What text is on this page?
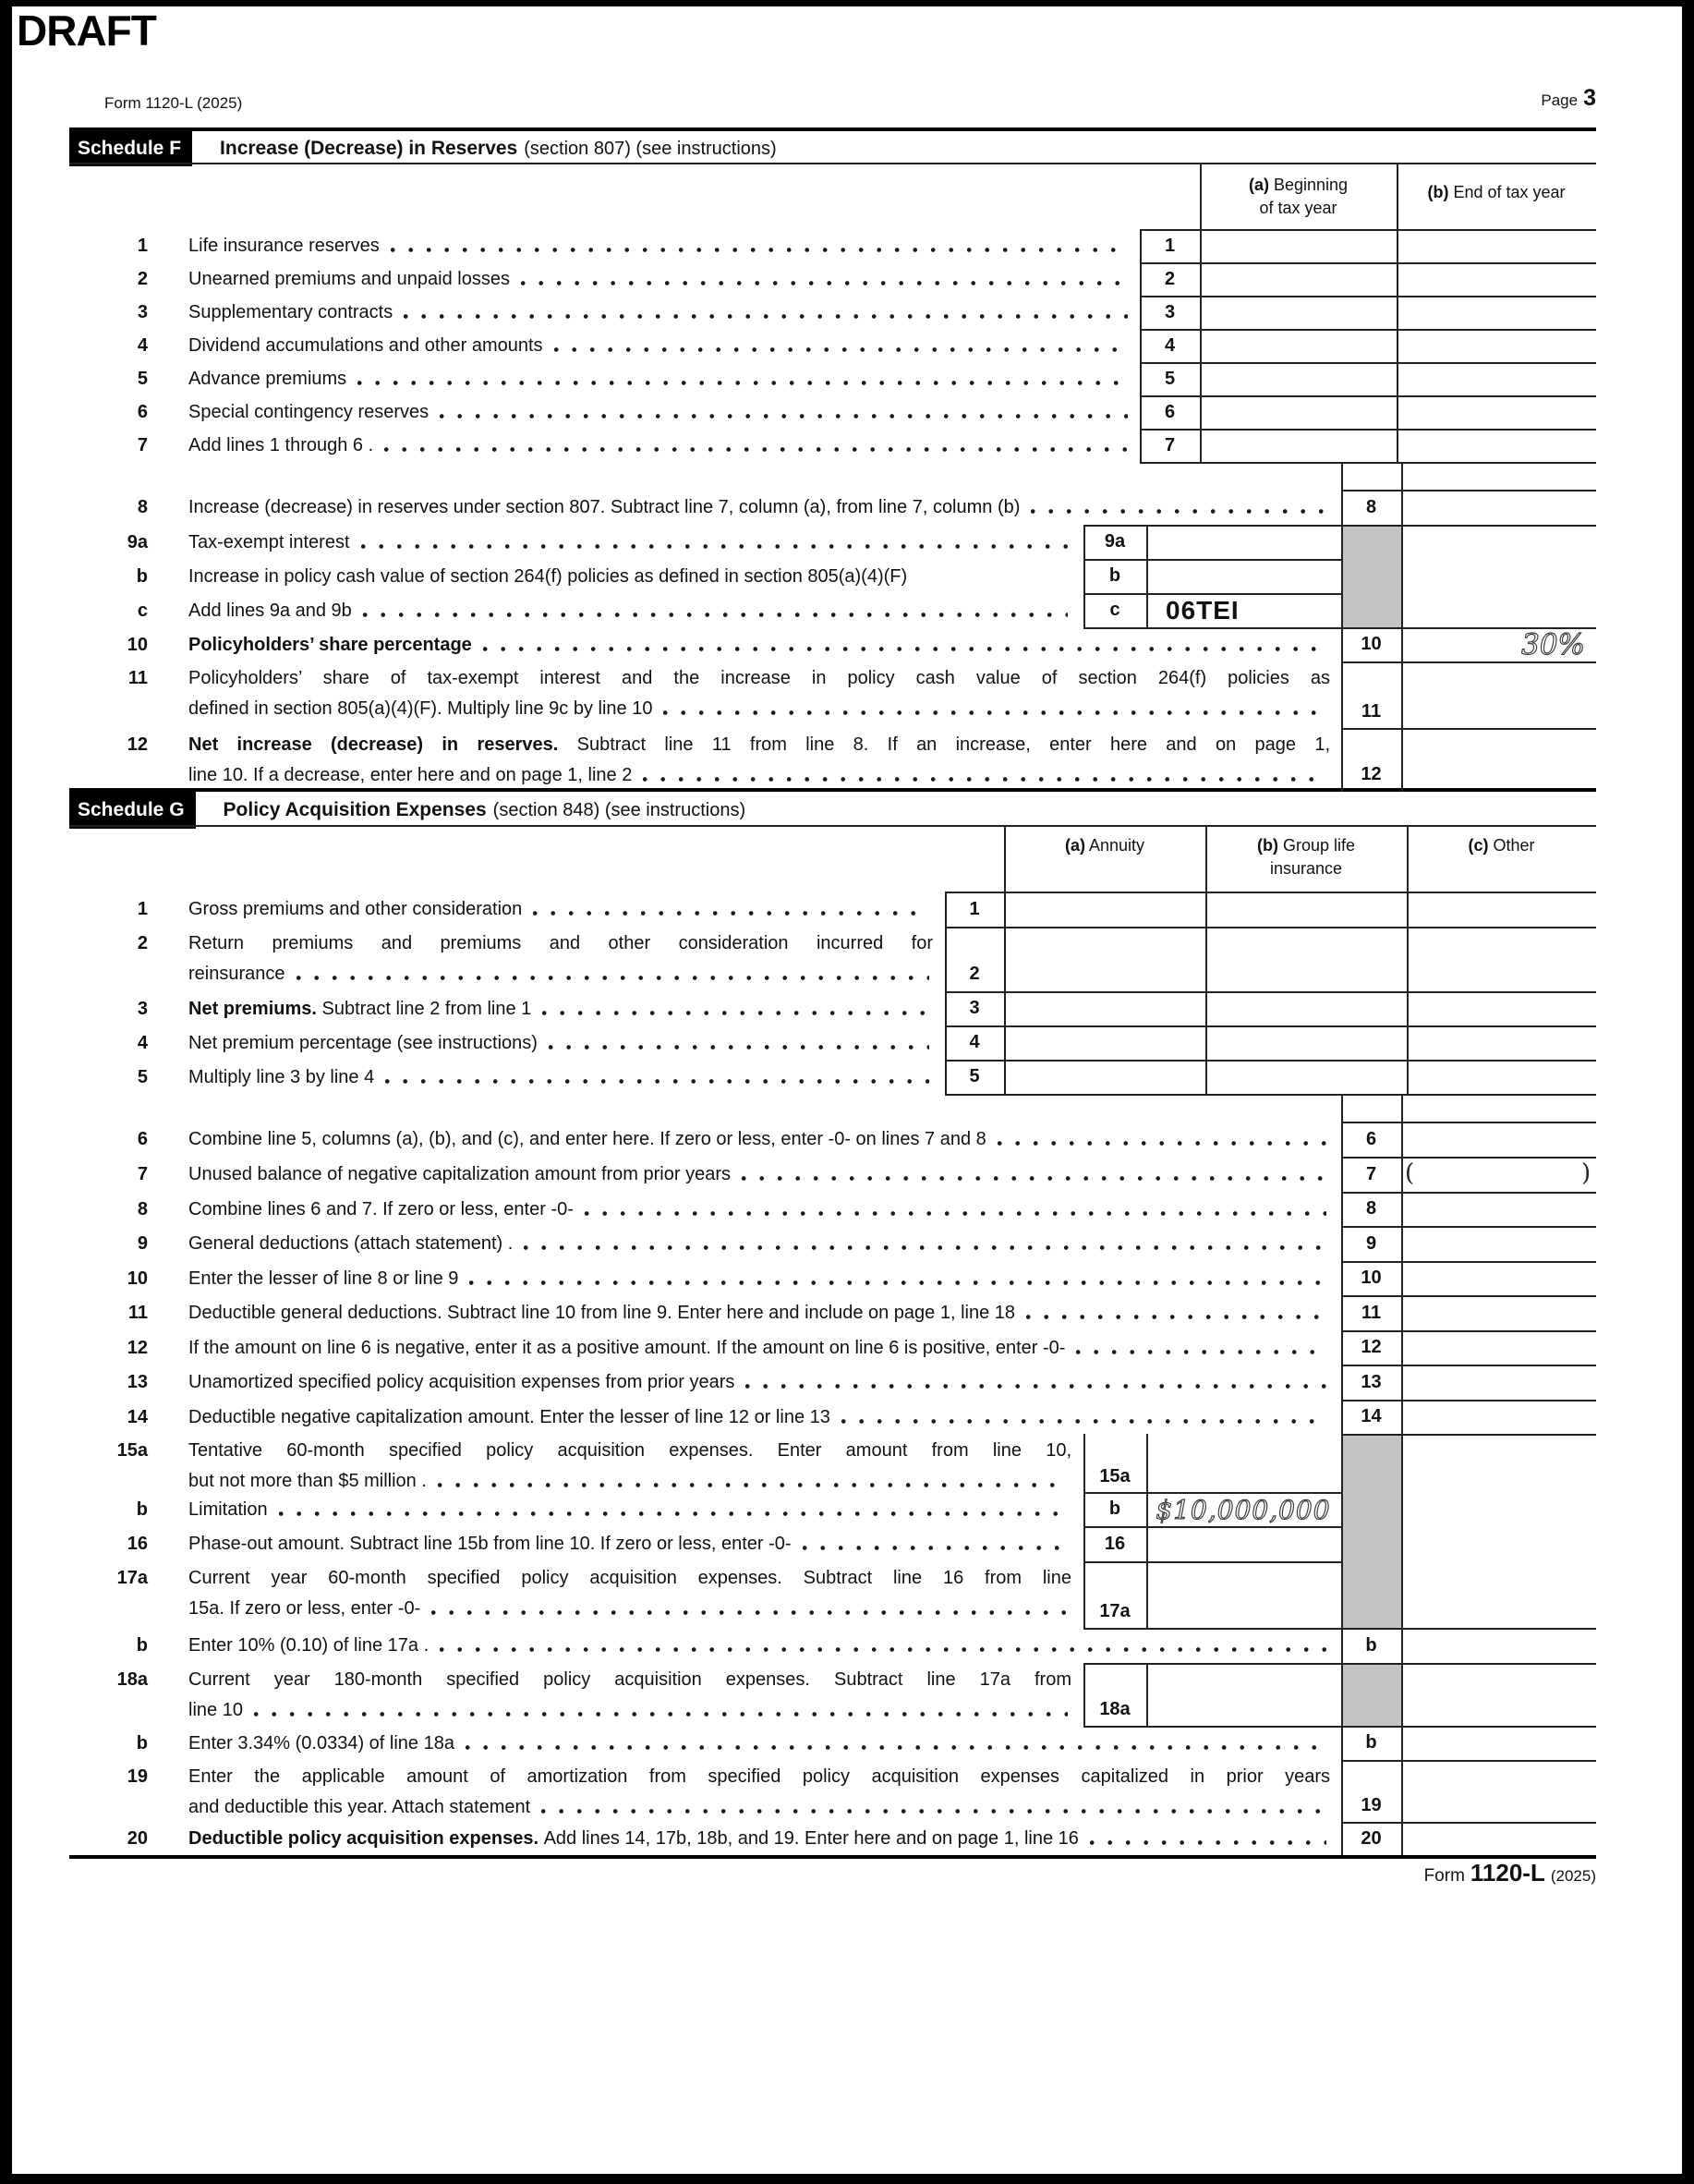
DRAFT
Form 1120-L (2025)	Page 3
Schedule F	Increase (Decrease) in Reserves (section 807) (see instructions)
(a) Beginning
of tax year
(b) End of tax year
Schedule G	Policy Acquisition Expenses (section 848) (see instructions)
(a) Annuity	(b) Group life
insurance
(c) Other
1 Life insurance reserves	1
2 Unearned premiums and unpaid losses	2
3 Supplementary contracts	3
4 Dividend accumulations and other amounts	4
5 Advance premiums	5
6 Special contingency reserves	6
7 Add lines 1 through 6 .	7
8 Increase (decrease) in reserves under section 807. Subtract line 7, column (a), from line 7, column (b)	8
9a Tax-exempt interest	9a
b Increase in policy cash value of section 264(f) policies as defined in section 805(a)(4)(F)	b
c Add lines 9a and 9b	c	06TEI
10 Policyholders’ share percentage	10	30%
11 Policyholders’ share of tax-exempt interest and the increase in policy cash value of section 264(f) policies as
defined in section 805(a)(4)(F). Multiply line 9c by line 10	11
12 Net increase (decrease) in reserves. Subtract line 11 from line 8. If an increase, enter here and on page 1,
line 10. If a decrease, enter here and on page 1, line 2	12
1 Gross premiums and other consideration	1
2 Return premiums and premiums and other consideration incurred for
reinsurance	2
3 Net premiums. Subtract line 2 from line 1	3
4 Net premium percentage (see instructions)	4
5 Multiply line 3 by line 4	5
6 Combine line 5, columns (a), (b), and (c), and enter here. If zero or less, enter -0- on lines 7 and 8	6
7 Unused balance of negative capitalization amount from prior years	7	(	)
8 Combine lines 6 and 7. If zero or less, enter -0-	8
9 General deductions (attach statement) .	9
10 Enter the lesser of line 8 or line 9	10
11 Deductible general deductions. Subtract line 10 from line 9. Enter here and include on page 1, line 18	11
12 If the amount on line 6 is negative, enter it as a positive amount. If the amount on line 6 is positive, enter -0-	12
13 Unamortized specified policy acquisition expenses from prior years	13
14 Deductible negative capitalization amount. Enter the lesser of line 12 or line 13	14
15a Tentative 60-month specified policy acquisition expenses. Enter amount from line 10,
but not more than $5 million .	15a
b Limitation	b	$10,000,000
16 Phase-out amount. Subtract line 15b from line 10. If zero or less, enter -0-	16
17a Current year 60-month specified policy acquisition expenses. Subtract line 16 from line
15a. If zero or less, enter -0-	17a
b Enter 10% (0.10) of line 17a .	b
18a Current year 180-month specified policy acquisition expenses. Subtract line 17a from
line 10	18a
b Enter 3.34% (0.0334) of line 18a	b
19 Enter the applicable amount of amortization from specified policy acquisition expenses capitalized in prior years
and deductible this year. Attach statement	19
20 Deductible policy acquisition expenses. Add lines 14, 17b, 18b, and 19. Enter here and on page 1, line 16	20
Form 1120-L (2025)
